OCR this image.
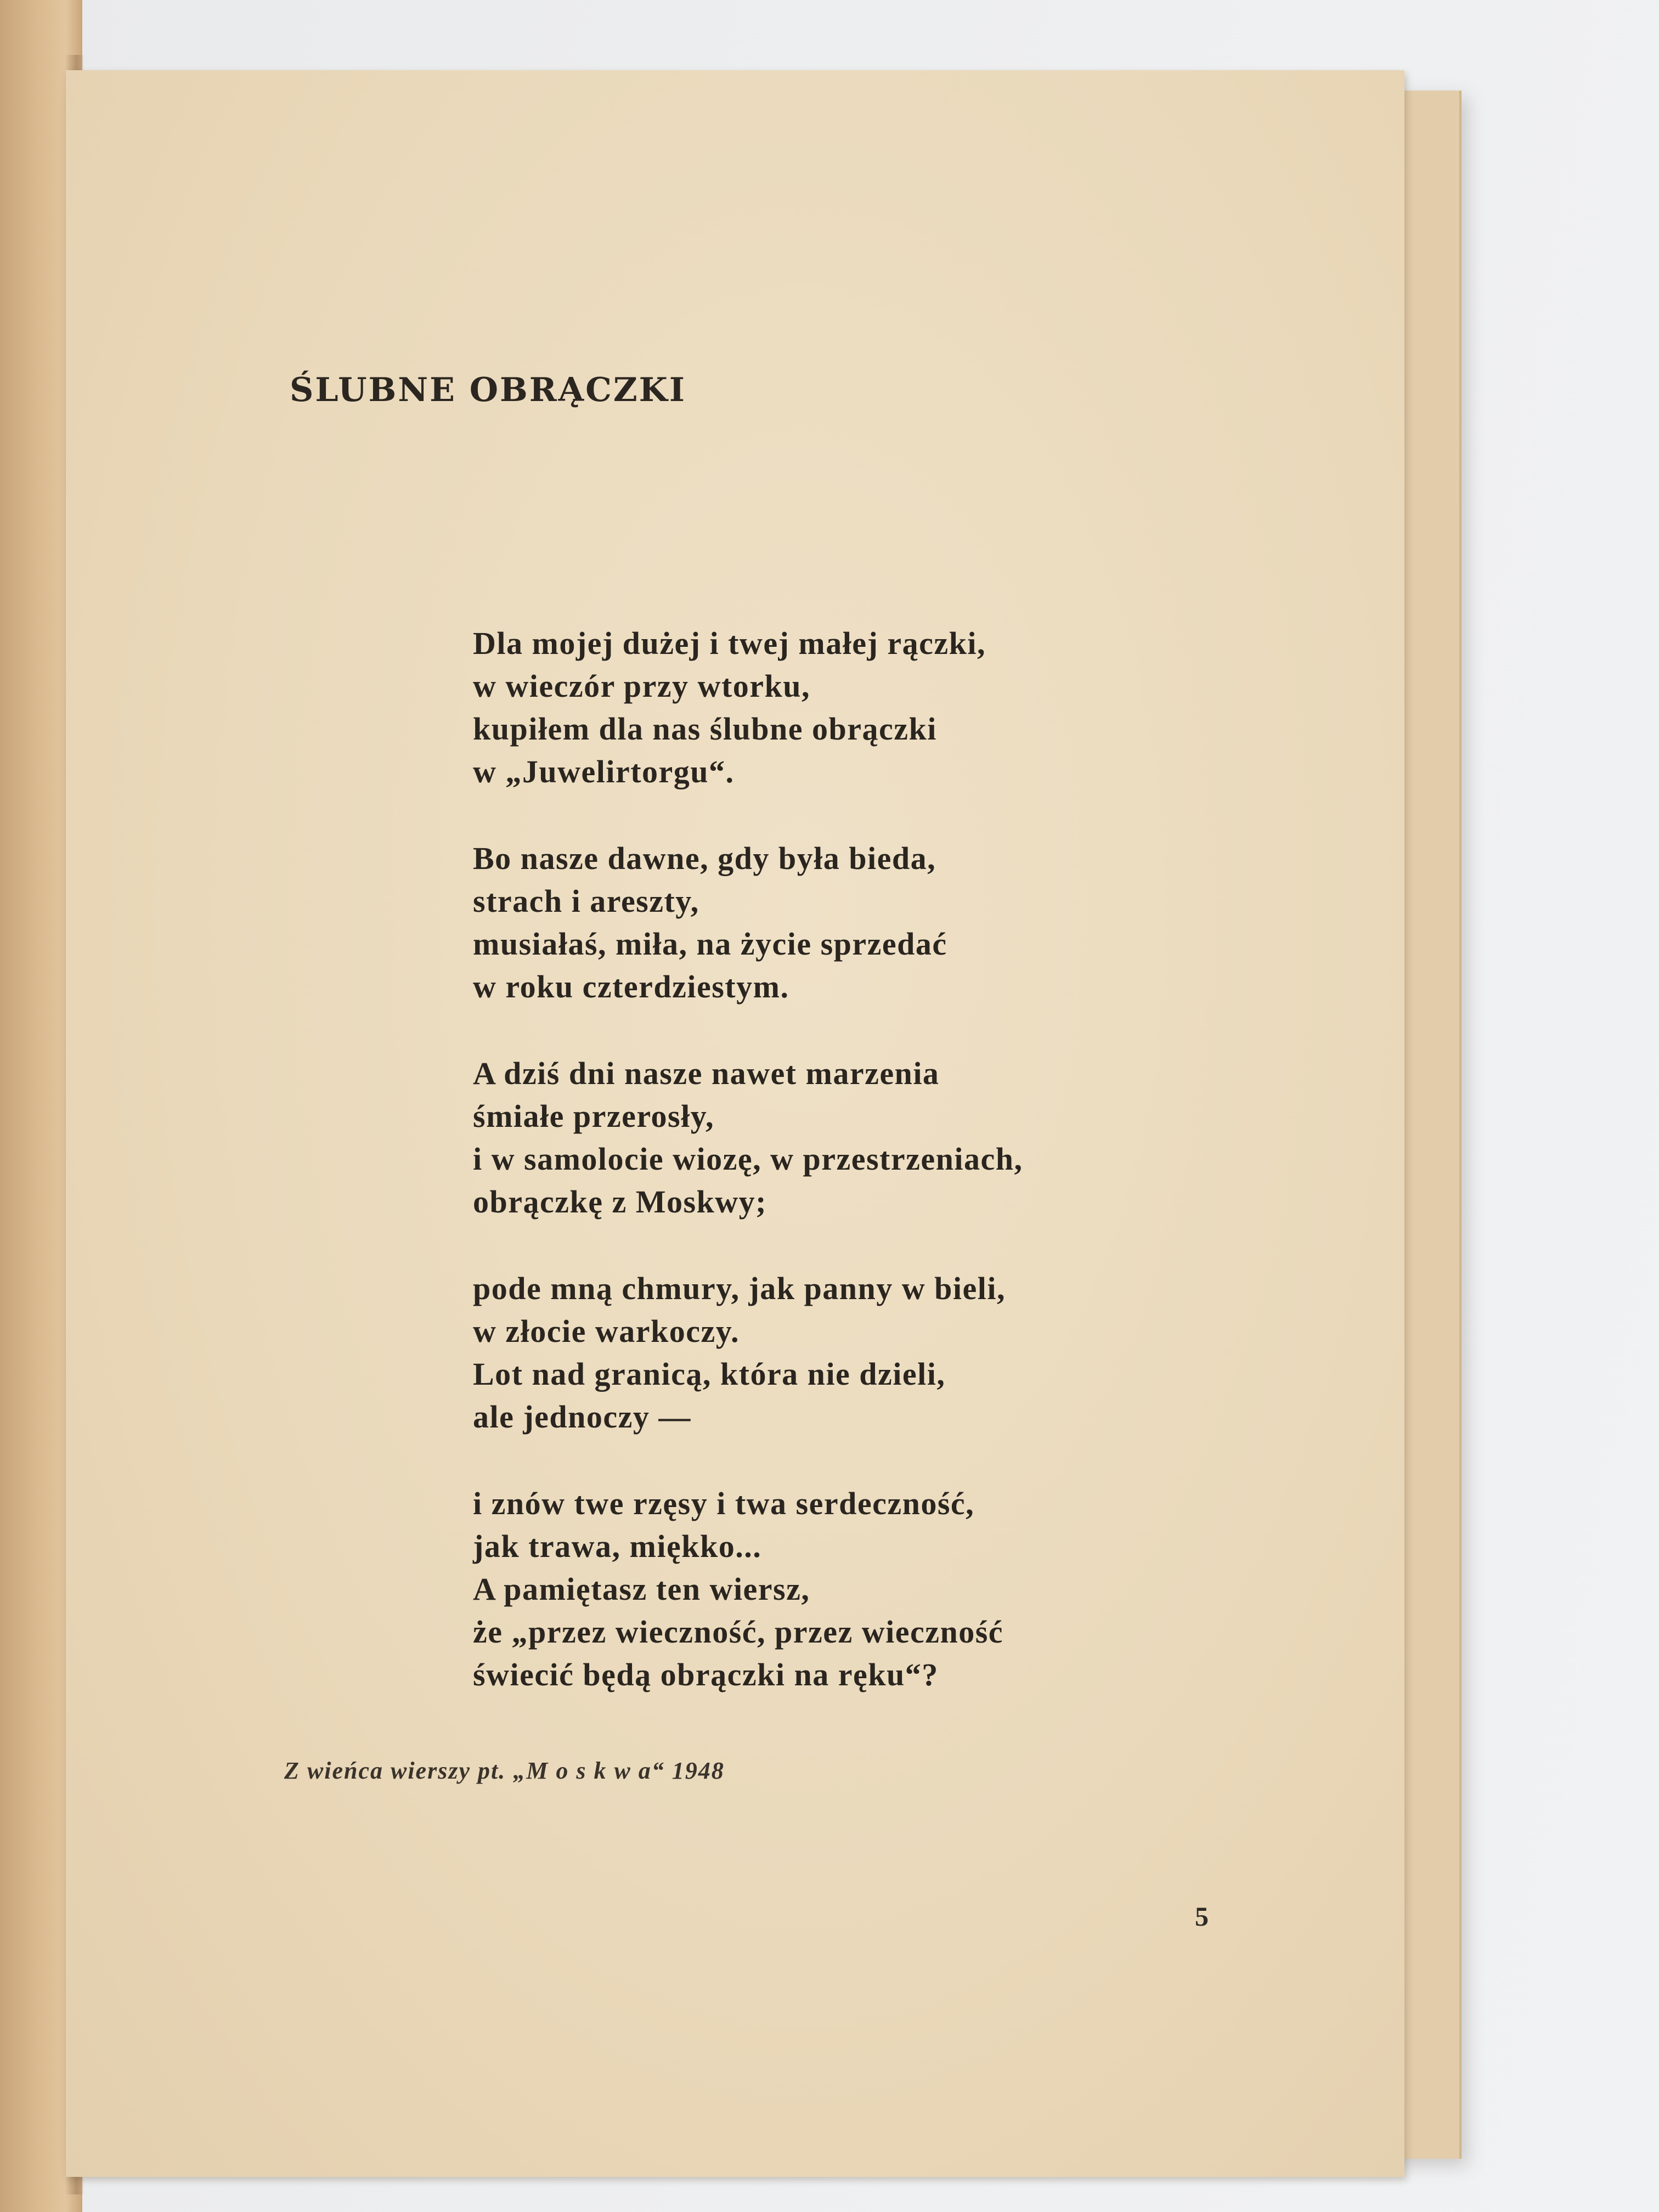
ŚLUBNE OBRĄCZKI
Dla mojej dużej i twej małej rączki,
w wieczór przy wtorku,
kupiłem dla nas ślubne obrączki
w „Juwelirtorgu“.
Bo nasze dawne, gdy była bieda,
strach i areszty,
musiałaś, miła, na życie sprzedać
w roku czterdziestym.
A dziś dni nasze nawet marzenia
śmiałe przerosły,
i w samolocie wiozę, w przestrzeniach,
obrączkę z Moskwy;
pode mną chmury, jak panny w bieli,
w złocie warkoczy.
Lot nad granicą, która nie dzieli,
ale jednoczy —
i znów twe rzęsy i twa serdeczność,
jak trawa, miękko...
A pamiętasz ten wiersz,
że „przez wieczność, przez wieczność
świecić będą obrączki na ręku“?

Z wieńca wierszy pt. „M o s k w a“ 1948

5
